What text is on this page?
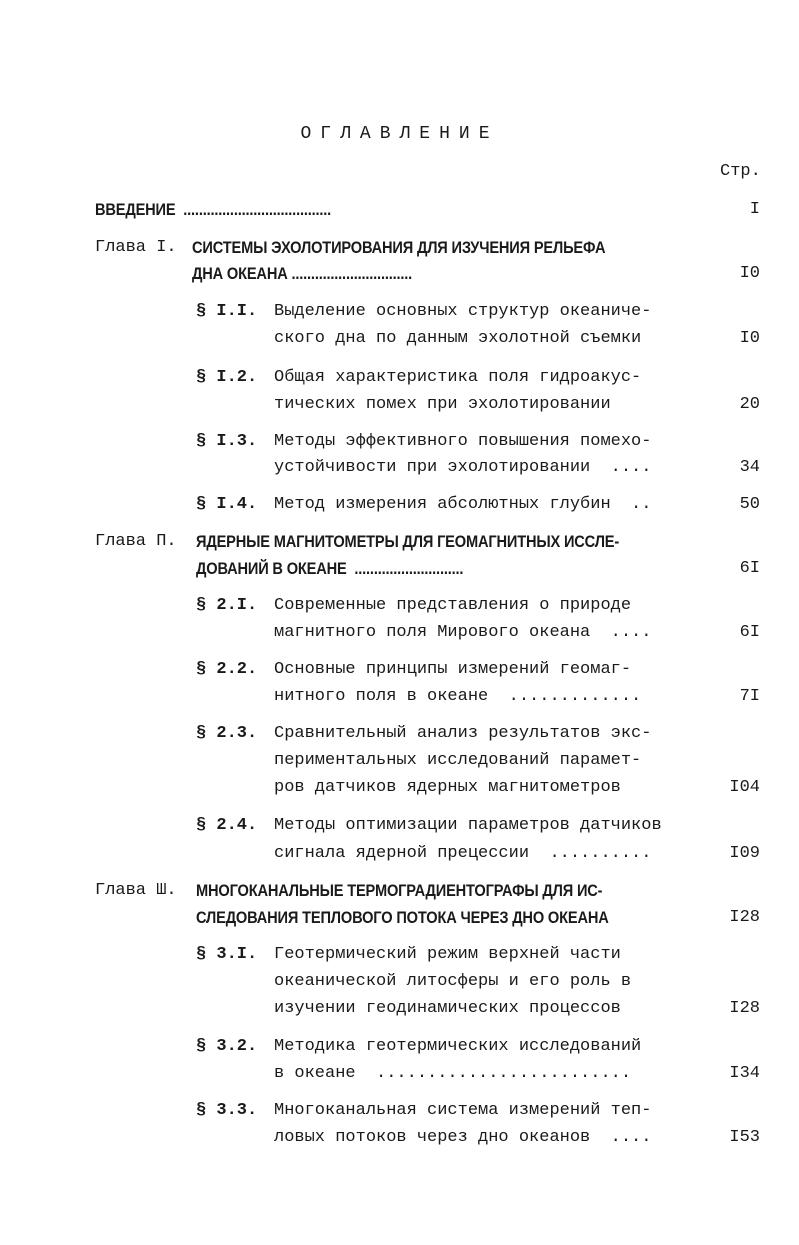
ОГЛАВЛЕНИЕ
Стр.
ВВЕДЕНИЕ  ......................................	I
Глава I. СИСТЕМЫ ЭХОЛОТИРОВАНИЯ ДЛЯ ИЗУЧЕНИЯ РЕЛЬЕФА
ДНА ОКЕАНА ...............................	I0
§ I.I. Выделение основных структур океаниче-
ского дна по данным эхолотной съемки	I0
§ I.2. Общая характеристика поля гидроакус-
тических помех при эхолотировании	20
§ I.3. Методы эффективного повышения помехо-
устойчивости при эхолотировании  ....	34
§ I.4. Метод измерения абсолютных глубин  ..	50
Глава П. ЯДЕРНЫЕ МАГНИТОМЕТРЫ ДЛЯ ГЕОМАГНИТНЫХ ИССЛЕ-
ДОВАНИЙ В ОКЕАНЕ  ............................	6I
§ 2.I. Современные представления о природе
магнитного поля Мирового океана  ....	6I
§ 2.2. Основные принципы измерений геомаг-
нитного поля в океане  .............	7I
§ 2.3. Сравнительный анализ результатов экс-
периментальных исследований парамет-
ров датчиков ядерных магнитометров	I04
§ 2.4. Методы оптимизации параметров датчиков
сигнала ядерной прецессии  ..........	I09
Глава Ш. МНОГОКАНАЛЬНЫЕ ТЕРМОГРАДИЕНТОГРАФЫ ДЛЯ ИС-
СЛЕДОВАНИЯ ТЕПЛОВОГО ПОТОКА ЧЕРЕЗ ДНО ОКЕАНА	I28
§ 3.I. Геотермический режим верхней части
океанической литосферы и его роль в
изучении геодинамических процессов	I28
§ 3.2. Методика геотермических исследований
в океане  .........................	I34
§ 3.3. Многоканальная система измерений теп-
ловых потоков через дно океанов  ....	I53
